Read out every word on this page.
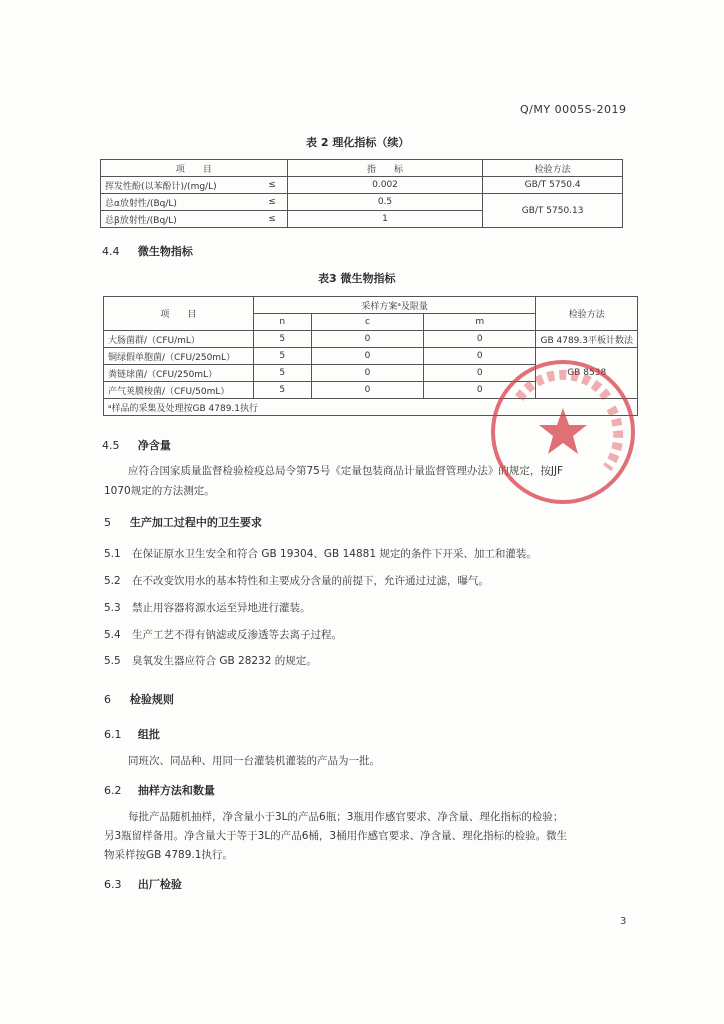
Q/MY 0005S-2019
表 2 理化指标（续）
项　　目		指　　标	检验方法
挥发性酚(以苯酚计)/(mg/L)	≤	0.002	GB/T 5750.4
总α放射性/(Bq/L)	≤	0.5	GB/T 5750.13
总β放射性/(Bq/L)	≤	1	
4.4 微生物指标
表3 微生物指标
项　　目	采样方案ᵃ及限量			检验方法
	n	c	m	
大肠菌群/（CFU/mL）	5	0	0	GB 4789.3平板计数法
铜绿假单胞菌/（CFU/250mL）	5	0	0	GB 8538
粪链球菌/（CFU/250mL）	5	0	0	
产气荚膜梭菌/（CFU/50mL）	5	0	0	
ᵃ样品的采集及处理按GB 4789.1执行				
4.5 净含量
应符合国家质量监督检验检疫总局令第75号《定量包装商品计量监督管理办法》的规定，按JJF
1070规定的方法测定。
5 生产加工过程中的卫生要求
5.1 在保证原水卫生安全和符合 GB 19304、GB 14881 规定的条件下开采、加工和灌装。
5.2 在不改变饮用水的基本特性和主要成分含量的前提下，允许通过过滤，曝气。
5.3 禁止用容器将源水运至异地进行灌装。
5.4 生产工艺不得有钠滤或反渗透等去离子过程。
5.5 臭氧发生器应符合 GB 28232 的规定。
6 检验规则
6.1 组批
同班次、同品种、用同一台灌装机灌装的产品为一批。
6.2 抽样方法和数量
每批产品随机抽样，净含量小于3L的产品6瓶；3瓶用作感官要求、净含量、理化指标的检验；
另3瓶留样备用。净含量大于等于3L的产品6桶，3桶用作感官要求、净含量、理化指标的检验。微生
物采样按GB 4789.1执行。
6.3 出厂检验
3
